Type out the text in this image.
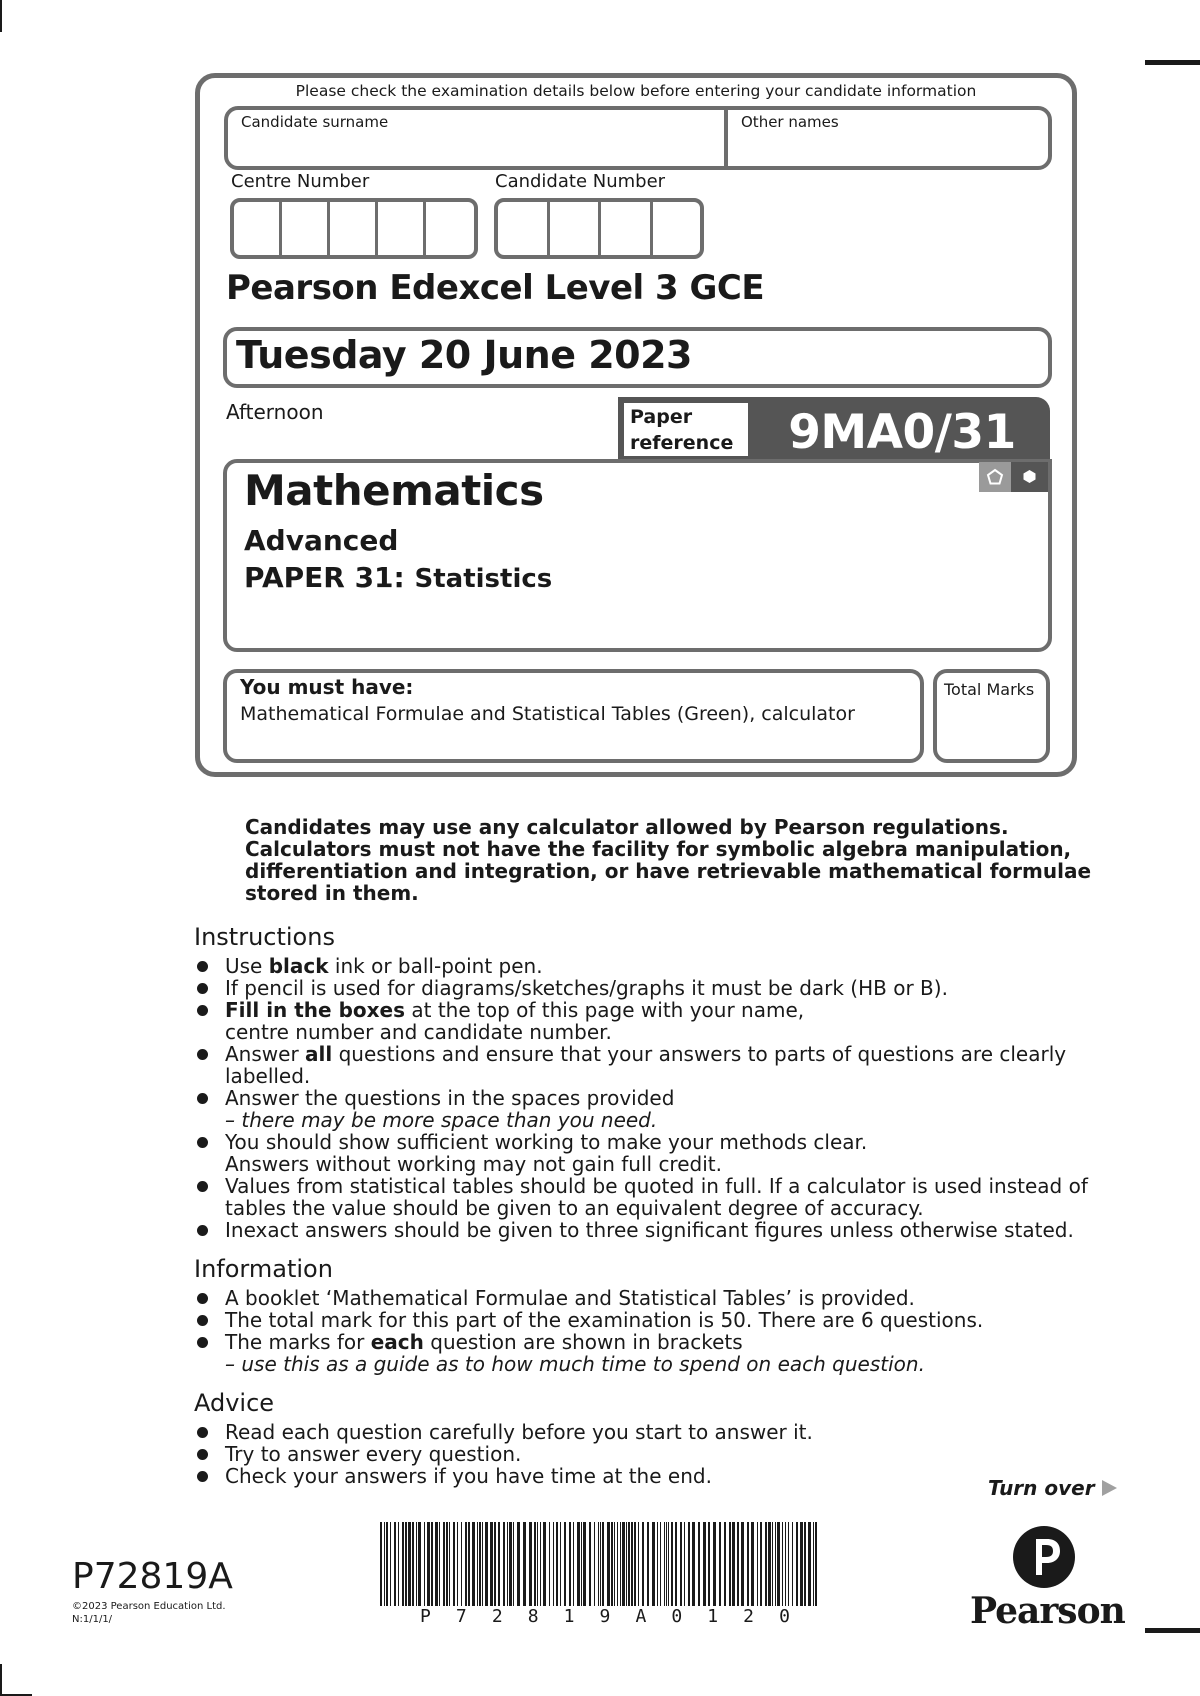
Please check the examination details below before entering your candidate information
Candidate surname	Other names
Centre Number	Candidate Number
Pearson Edexcel Level 3 GCE
Tuesday 20 June 2023
Afternoon	Paper
reference	9MA0/31
Mathematics
Advanced
PAPER 31: Statistics
You must have:
Mathematical Formulae and Statistical Tables (Green), calculator
Total Marks
Candidates may use any calculator allowed by Pearson regulations.
Calculators must not have the facility for symbolic algebra manipulation,
differentiation and integration, or have retrievable mathematical formulae
stored in them.
Instructions
Use black ink or ball-point pen.
If pencil is used for diagrams/sketches/graphs it must be dark (HB or B).
Fill in the boxes at the top of this page with your name,
centre number and candidate number.
Answer all questions and ensure that your answers to parts of questions are clearly
labelled.
Answer the questions in the spaces provided
– there may be more space than you need.
You should show sufficient working to make your methods clear.
Answers without working may not gain full credit.
Values from statistical tables should be quoted in full. If a calculator is used instead of
tables the value should be given to an equivalent degree of accuracy.
Inexact answers should be given to three significant figures unless otherwise stated.
Information
A booklet ‘Mathematical Formulae and Statistical Tables’ is provided.
The total mark for this part of the examination is 50. There are 6 questions.
The marks for each question are shown in brackets
– use this as a guide as to how much time to spend on each question.
Advice
Read each question carefully before you start to answer it.
Try to answer every question.
Check your answers if you have time at the end.	Turn over
P72819A
©2023 Pearson Education Ltd.
N:1/1/1/	P 7 2 8 1 9 A 0 1 2 0	Pearson
